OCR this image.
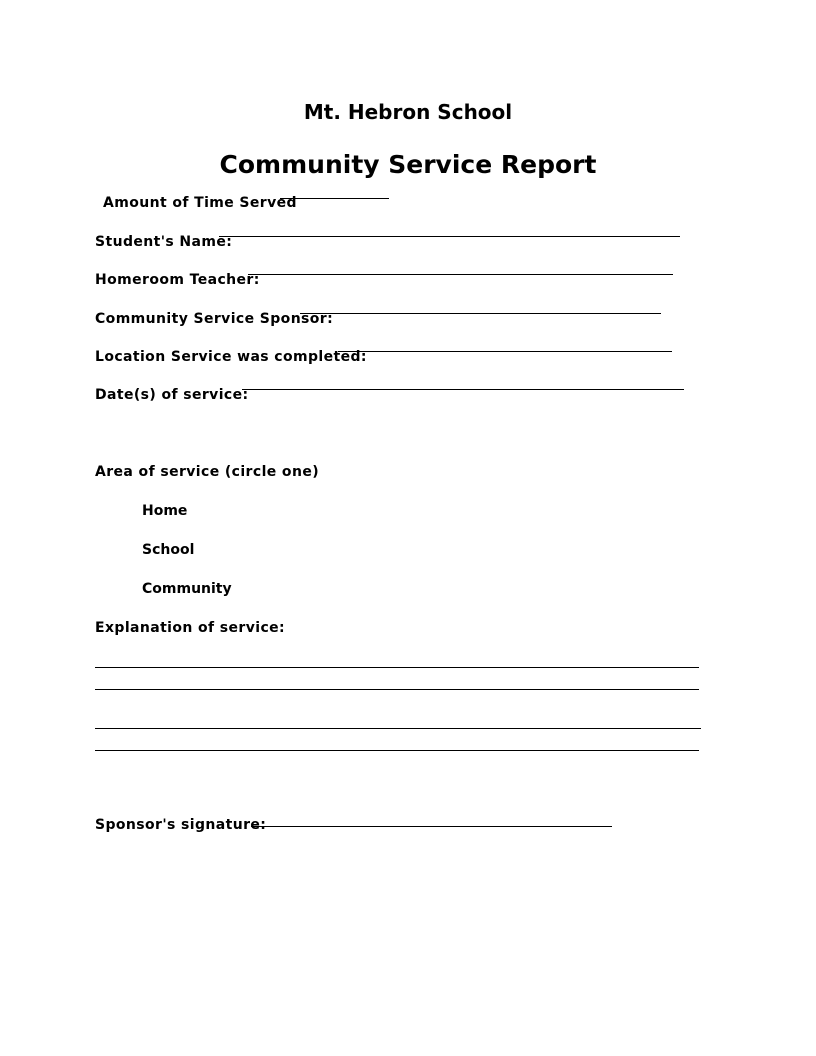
Mt. Hebron School
Community Service Report
Amount of Time Served
Student's Name:
Homeroom Teacher:
Community Service Sponsor:
Location Service was completed:
Date(s) of service:
Area of service (circle one)
Home
School
Community
Explanation of service:
Sponsor's signature:
